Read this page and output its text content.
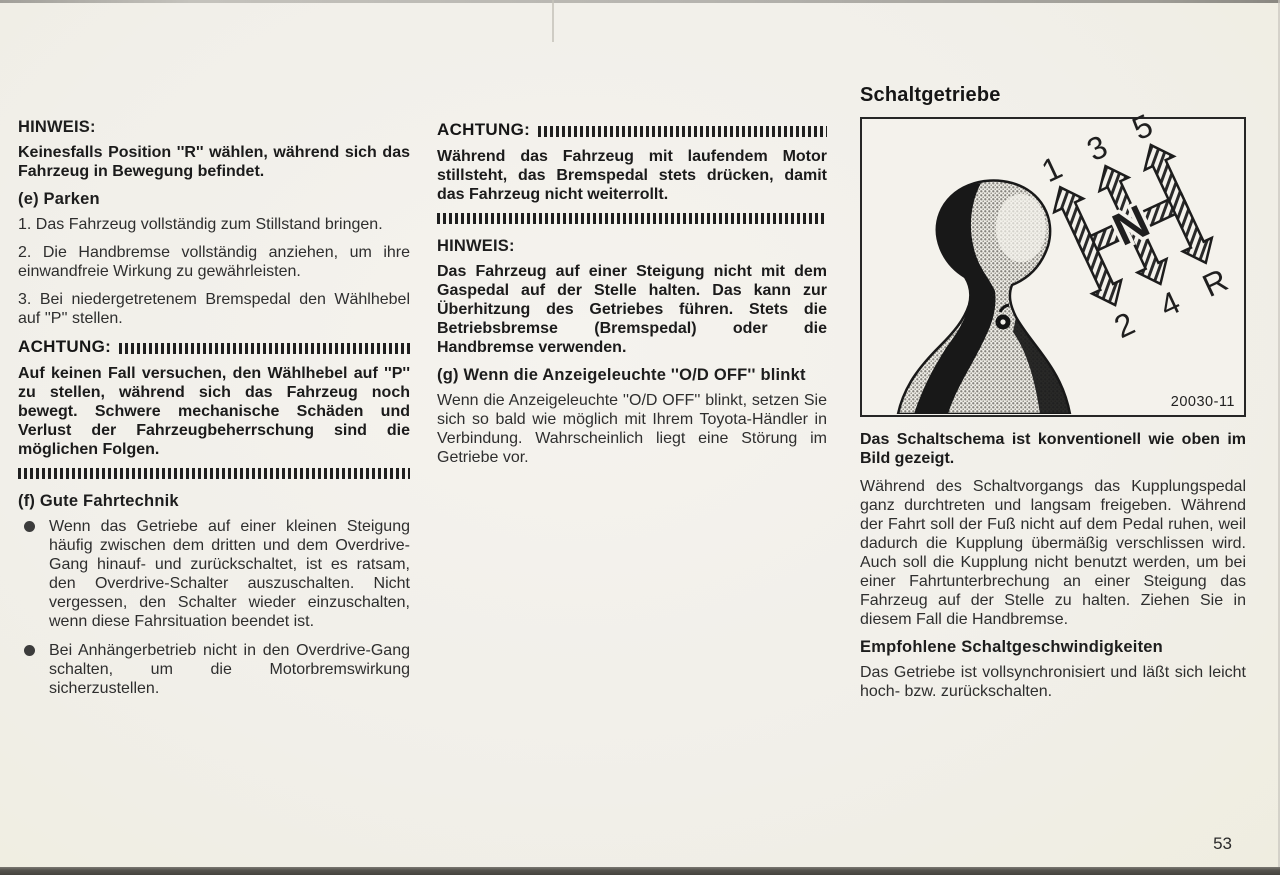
HINWEIS:

Keinesfalls Position ''R'' wählen, während sich das Fahrzeug in Bewegung befindet.

(e) Parken

1. Das Fahrzeug vollständig zum Stillstand bringen.

2. Die Handbremse vollständig anziehen, um ihre einwandfreie Wirkung zu gewährleisten.

3. Bei niedergetretenem Bremspedal den Wählhebel auf ''P'' stellen.

ACHTUNG:

Auf keinen Fall versuchen, den Wählhebel auf ''P'' zu stellen, während sich das Fahrzeug noch bewegt. Schwere mechanische Schäden und Verlust der Fahrzeugbeherrschung sind die möglichen Folgen.

(f) Gute Fahrtechnik
Wenn das Getriebe auf einer kleinen Steigung häufig zwischen dem dritten und dem Overdrive-Gang hinauf- und zurückschaltet, ist es ratsam, den Overdrive-Schalter auszuschalten. Nicht vergessen, den Schalter wieder einzuschalten, wenn diese Fahrsituation beendet ist.
Bei Anhängerbetrieb nicht in den Overdrive-Gang schalten, um die Motorbremswirkung sicherzustellen.
ACHTUNG:

Während das Fahrzeug mit laufendem Motor stillsteht, das Bremspedal stets drücken, damit das Fahrzeug nicht weiterrollt.

HINWEIS:

Das Fahrzeug auf einer Steigung nicht mit dem Gaspedal auf der Stelle halten. Das kann zur Überhitzung des Getriebes führen. Stets die Betriebsbremse (Bremspedal) oder die Handbremse verwenden.

(g) Wenn die Anzeigeleuchte ''O/D OFF'' blinkt

Wenn die Anzeigeleuchte ''O/D OFF'' blinkt, setzen Sie sich so bald wie möglich mit Ihrem Toyota-Händler in Verbindung. Wahrscheinlich liegt eine Störung im Getriebe vor.

Schaltgetriebe
1
3
5
2
4 R
N
20030-11

Das Schaltschema ist konventionell wie oben im Bild gezeigt.

Während des Schaltvorgangs das Kupplungspedal ganz durchtreten und langsam freigeben. Während der Fahrt soll der Fuß nicht auf dem Pedal ruhen, weil dadurch die Kupplung übermäßig verschlissen wird. Auch soll die Kupplung nicht benutzt werden, um bei einer Fahrtunterbrechung an einer Steigung das Fahrzeug auf der Stelle zu halten. Ziehen Sie in diesem Fall die Handbremse.

Empfohlene Schaltgeschwindigkeiten

Das Getriebe ist vollsynchronisiert und läßt sich leicht hoch- bzw. zurückschalten.

53
